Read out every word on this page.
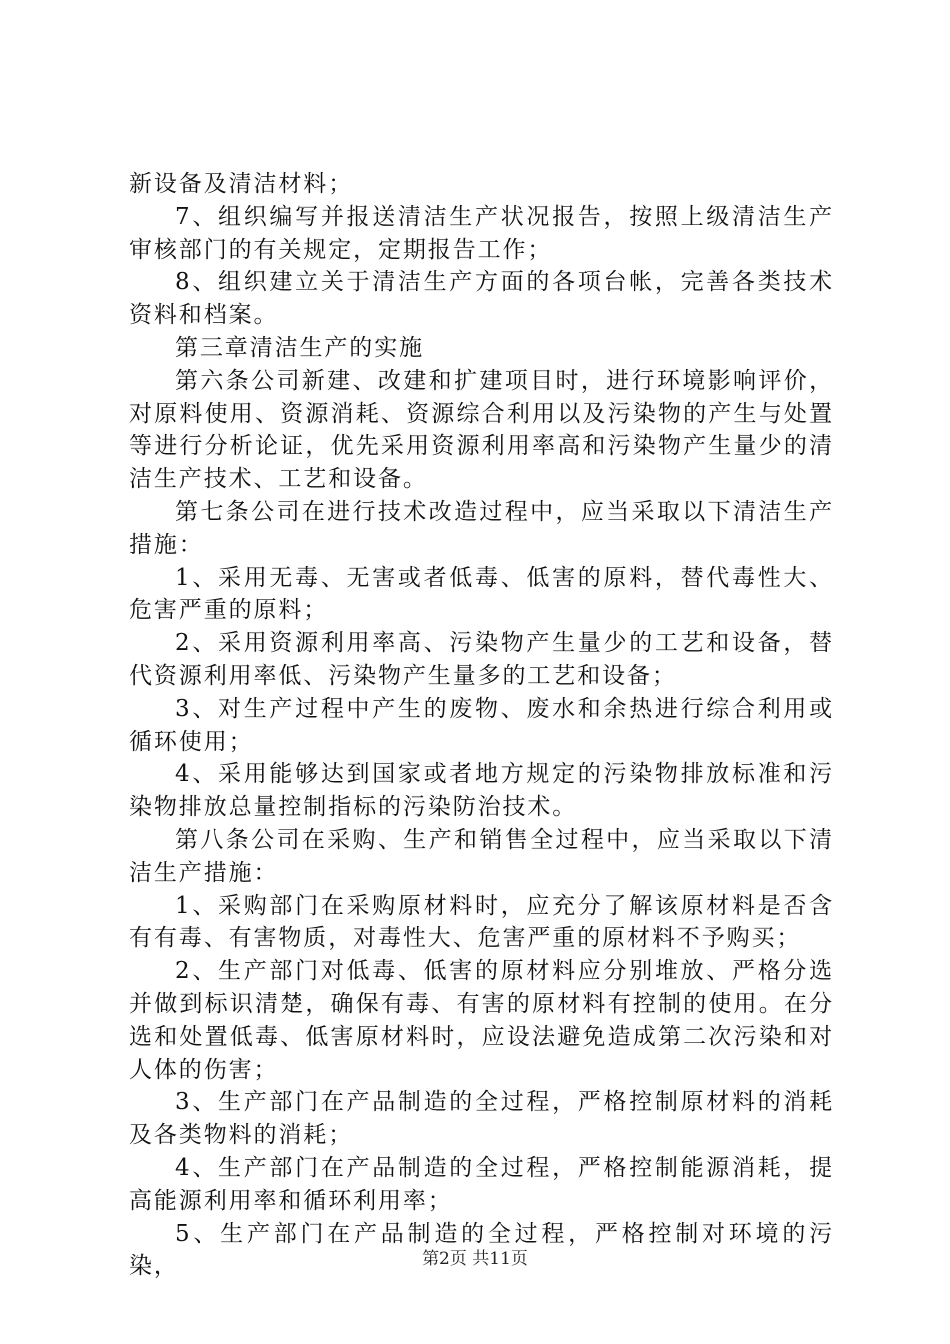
新设备及清洁材料；

7、组织编写并报送清洁生产状况报告，按照上级清洁生产审核部门的有关规定，定期报告工作；

8、组织建立关于清洁生产方面的各项台帐，完善各类技术资料和档案。

第三章清洁生产的实施

第六条公司新建、改建和扩建项目时，进行环境影响评价，对原料使用、资源消耗、资源综合利用以及污染物的产生与处置等进行分析论证，优先采用资源利用率高和污染物产生量少的清洁生产技术、工艺和设备。

第七条公司在进行技术改造过程中，应当采取以下清洁生产措施：

1、采用无毒、无害或者低毒、低害的原料，替代毒性大、危害严重的原料；

2、采用资源利用率高、污染物产生量少的工艺和设备，替代资源利用率低、污染物产生量多的工艺和设备；

3、对生产过程中产生的废物、废水和余热进行综合利用或循环使用；

4、采用能够达到国家或者地方规定的污染物排放标准和污染物排放总量控制指标的污染防治技术。

第八条公司在采购、生产和销售全过程中，应当采取以下清洁生产措施：

1、采购部门在采购原材料时，应充分了解该原材料是否含有有毒、有害物质，对毒性大、危害严重的原材料不予购买；

2、生产部门对低毒、低害的原材料应分别堆放、严格分选并做到标识清楚，确保有毒、有害的原材料有控制的使用。在分选和处置低毒、低害原材料时，应设法避免造成第二次污染和对人体的伤害；

3、生产部门在产品制造的全过程，严格控制原材料的消耗及各类物料的消耗；

4、生产部门在产品制造的全过程，严格控制能源消耗，提高能源利用率和循环利用率；

5、生产部门在产品制造的全过程，严格控制对环境的污染，	第2页 共11页
